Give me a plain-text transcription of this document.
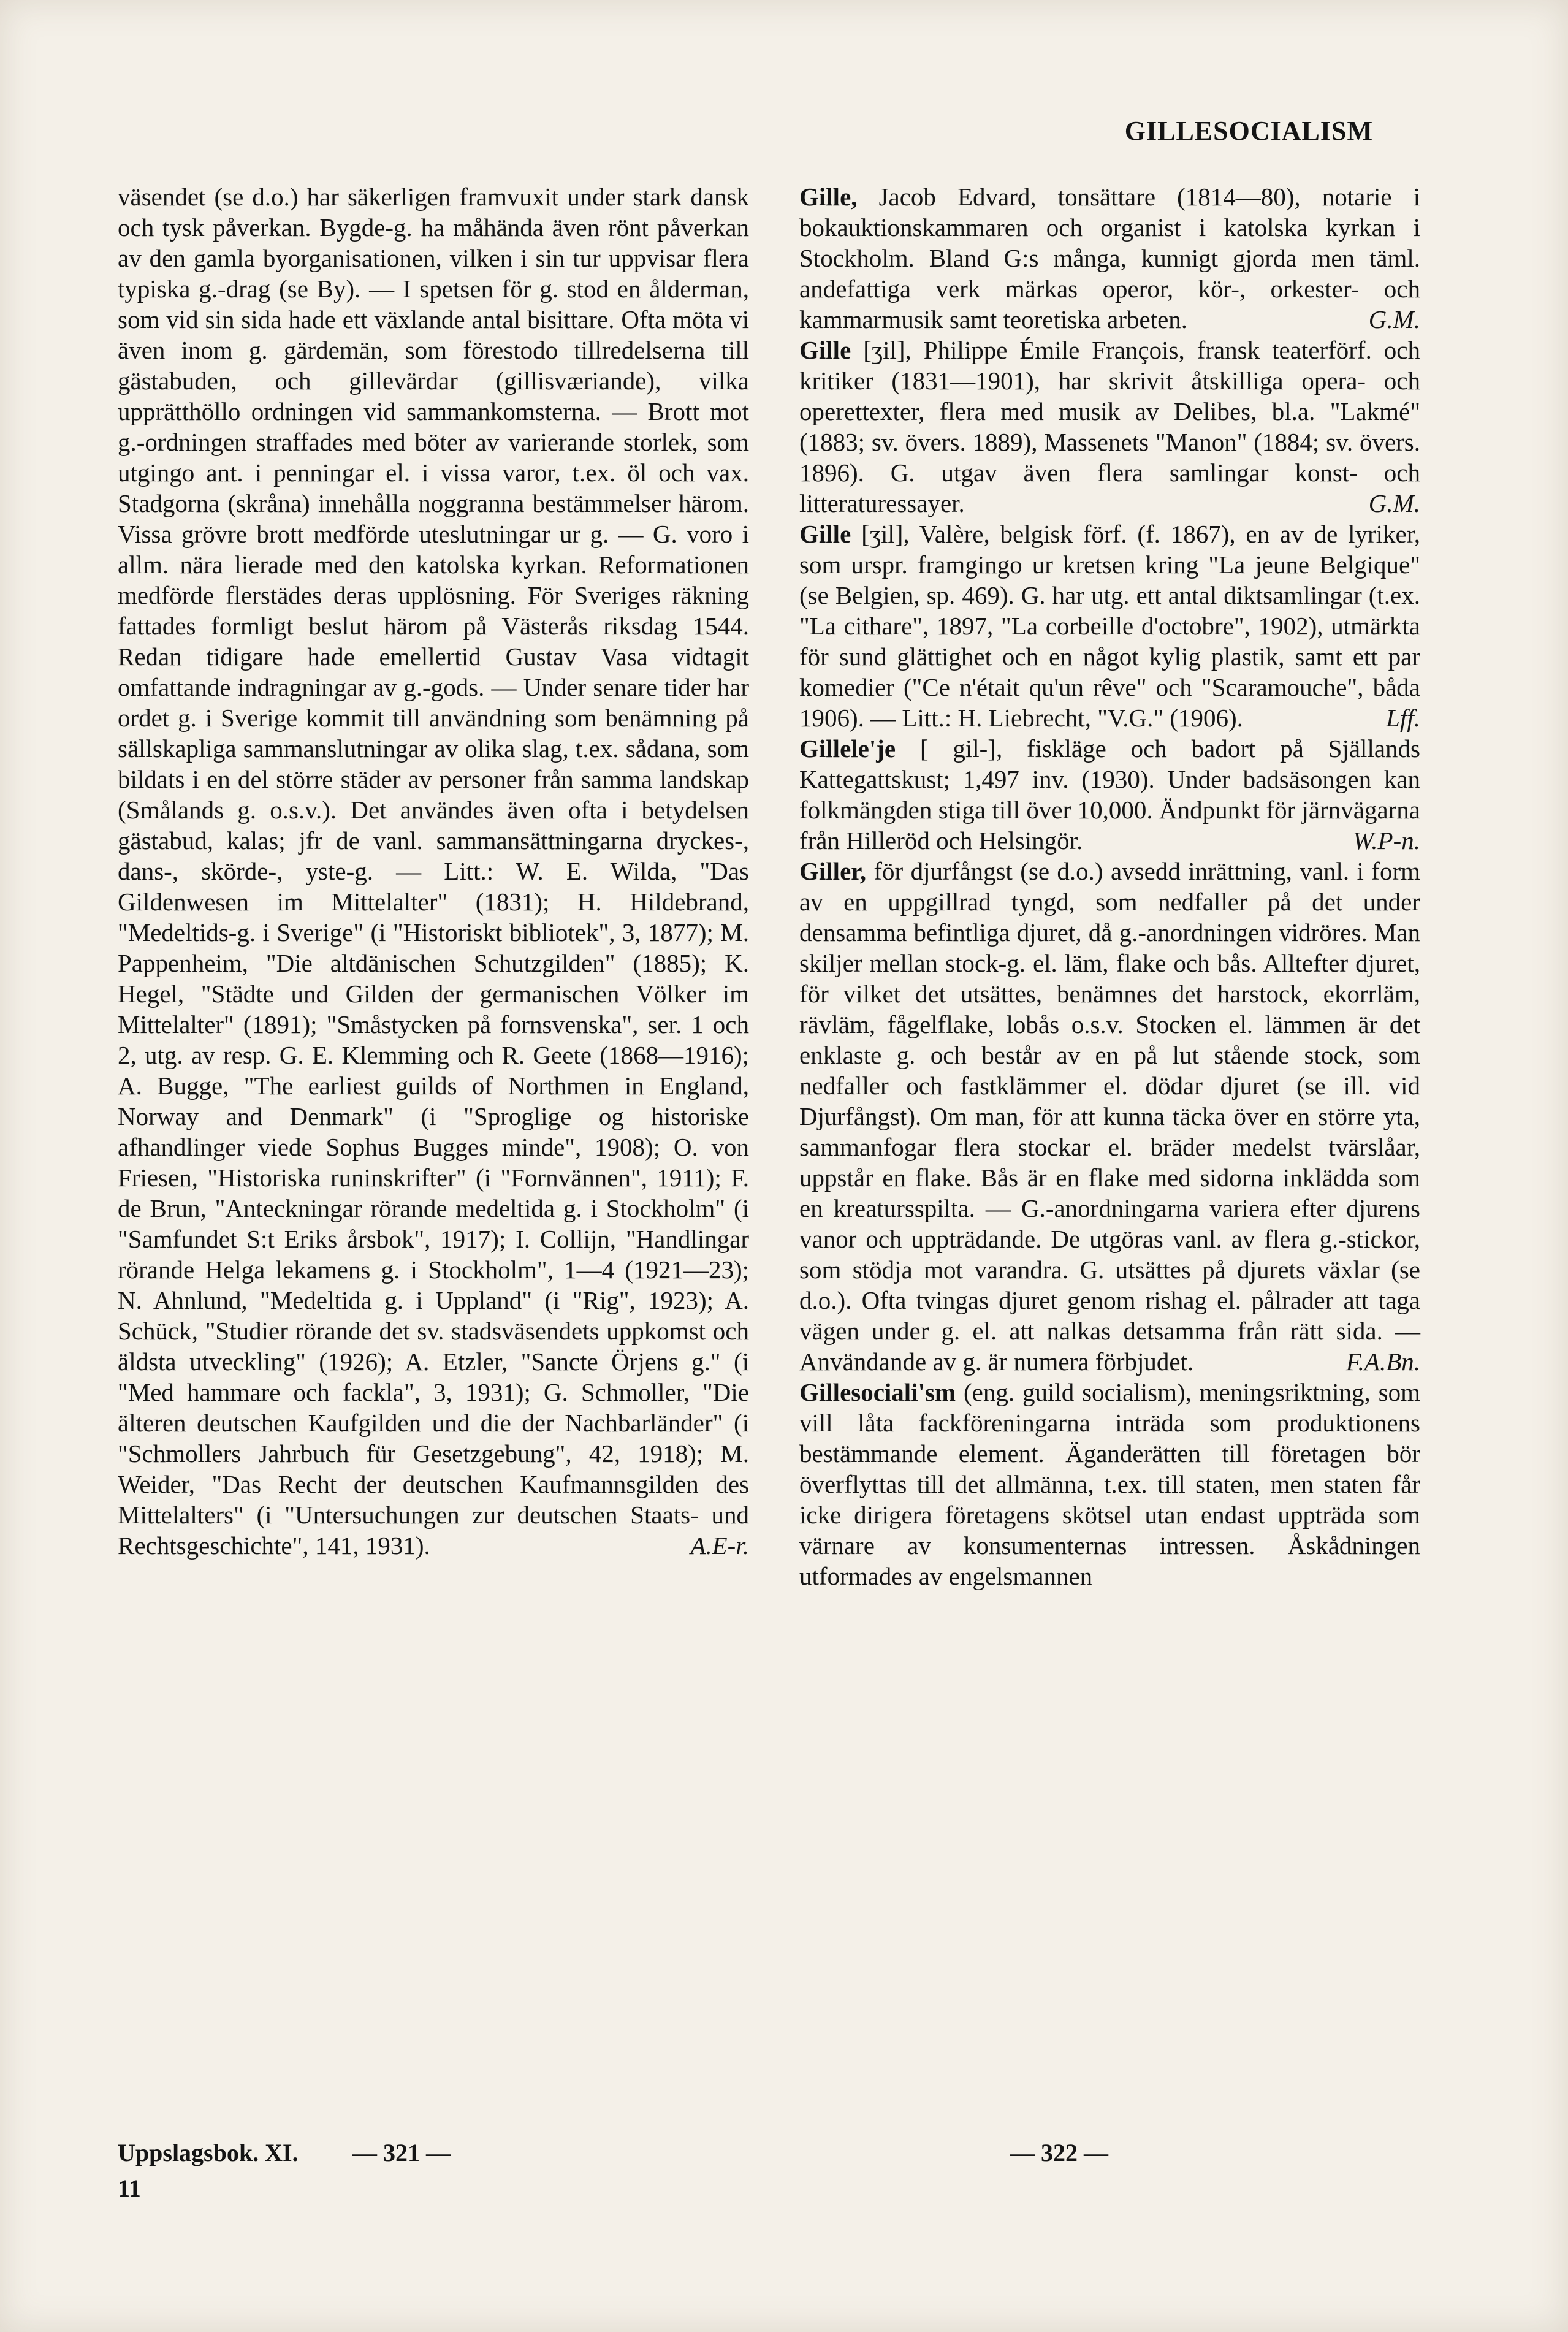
GILLESOCIALISM

väsendet (se d.o.) har säkerligen framvuxit under stark dansk och tysk påverkan. Bygde-g. ha måhända även rönt påverkan av den gamla byorganisationen, vilken i sin tur uppvisar flera typiska g.-drag (se By). — I spetsen för g. stod en ålderman, som vid sin sida hade ett växlande antal bisittare. Ofta möta vi även inom g. gärdemän, som förestodo tillredelserna till gästabuden, och gillevärdar (gillisværiande), vilka upprätthöllo ordningen vid sammankomsterna. — Brott mot g.-ordningen straffades med böter av varierande storlek, som utgingo ant. i penningar el. i vissa varor, t.ex. öl och vax. Stadgorna (skråna) innehålla noggranna bestämmelser härom. Vissa grövre brott medförde uteslutningar ur g. — G. voro i allm. nära lierade med den katolska kyrkan. Reformationen medförde flerstädes deras upplösning. För Sveriges räkning fattades formligt beslut härom på Västerås riksdag 1544. Redan tidigare hade emellertid Gustav Vasa vidtagit omfattande indragningar av g.-gods. — Under senare tider har ordet g. i Sverige kommit till användning som benämning på sällskapliga sammanslutningar av olika slag, t.ex. sådana, som bildats i en del större städer av personer från samma landskap (Smålands g. o.s.v.). Det användes även ofta i betydelsen gästabud, kalas; jfr de vanl. sammansättningarna dryckes-, dans-, skörde-, yste-g. — Litt.: W. E. Wilda, "Das Gildenwesen im Mittelalter" (1831); H. Hildebrand, "Medeltids-g. i Sverige" (i "Historiskt bibliotek", 3, 1877); M. Pappenheim, "Die altdänischen Schutzgilden" (1885); K. Hegel, "Städte und Gilden der germanischen Völker im Mittelalter" (1891); "Småstycken på fornsvenska", ser. 1 och 2, utg. av resp. G. E. Klemming och R. Geete (1868—1916); A. Bugge, "The earliest guilds of Northmen in England, Norway and Denmark" (i "Sproglige og historiske afhandlinger viede Sophus Bugges minde", 1908); O. von Friesen, "Historiska runinskrifter" (i "Fornvännen", 1911); F. de Brun, "Anteckningar rörande medeltida g. i Stockholm" (i "Samfundet S:t Eriks årsbok", 1917); I. Collijn, "Handlingar rörande Helga lekamens g. i Stockholm", 1—4 (1921—23); N. Ahnlund, "Medeltida g. i Uppland" (i "Rig", 1923); A. Schück, "Studier rörande det sv. stadsväsendets uppkomst och äldsta utveckling" (1926); A. Etzler, "Sancte Örjens g." (i "Med hammare och fackla", 3, 1931); G. Schmoller, "Die älteren deutschen Kaufgilden und die der Nachbarländer" (i "Schmollers Jahrbuch für Gesetzgebung", 42, 1918); M. Weider, "Das Recht der deutschen Kaufmannsgilden des Mittelalters" (i "Untersuchungen zur deutschen Staats- und Rechtsgeschichte", 141, 1931).	A.E-r.

Gille, Jacob Edvard, tonsättare (1814—80), notarie i bokauktionskammaren och organist i katolska kyrkan i Stockholm. Bland G:s många, kunnigt gjorda men täml. andefattiga verk märkas operor, kör-, orkester- och kammarmusik samt teoretiska arbeten.	G.M.

Gille [ʒil], Philippe Émile François, fransk teaterförf. och kritiker (1831—1901), har skrivit åtskilliga opera- och operettexter, flera med musik av Delibes, bl.a. "Lakmé" (1883; sv. övers. 1889), Massenets "Manon" (1884; sv. övers. 1896). G. utgav även flera samlingar konst- och litteraturessayer.	G.M.

Gille [ʒil], Valère, belgisk förf. (f. 1867), en av de lyriker, som urspr. framgingo ur kretsen kring "La jeune Belgique" (se Belgien, sp. 469). G. har utg. ett antal diktsamlingar (t.ex. "La cithare", 1897, "La corbeille d'octobre", 1902), utmärkta för sund glättighet och en något kylig plastik, samt ett par komedier ("Ce n'était qu'un rêve" och "Scaramouche", båda 1906). — Litt.: H. Liebrecht, "V.G." (1906).	Lff.

Gillele'je [ gil-], fiskläge och badort på Själlands Kattegattskust; 1,497 inv. (1930). Under badsäsongen kan folkmängden stiga till över 10,000. Ändpunkt för järnvägarna från Hilleröd och Helsingör.	W.P-n.

Giller, för djurfångst (se d.o.) avsedd inrättning, vanl. i form av en uppgillrad tyngd, som nedfaller på det under densamma befintliga djuret, då g.-anordningen vidröres. Man skiljer mellan stock-g. el. läm, flake och bås. Alltefter djuret, för vilket det utsättes, benämnes det harstock, ekorrläm, rävläm, fågelflake, lobås o.s.v. Stocken el. lämmen är det enklaste g. och består av en på lut stående stock, som nedfaller och fastklämmer el. dödar djuret (se ill. vid Djurfångst). Om man, för att kunna täcka över en större yta, sammanfogar flera stockar el. bräder medelst tvärslåar, uppstår en flake. Bås är en flake med sidorna inklädda som en kreatursspilta. — G.-anordningarna variera efter djurens vanor och uppträdande. De utgöras vanl. av flera g.-stickor, som stödja mot varandra. G. utsättes på djurets växlar (se d.o.). Ofta tvingas djuret genom rishag el. pålrader att taga vägen under g. el. att nalkas detsamma från rätt sida. — Användande av g. är numera förbjudet.	F.A.Bn.

Gillesociali'sm (eng. guild socialism), meningsriktning, som vill låta fackföreningarna inträda som produktionens bestämmande element. Äganderätten till företagen bör överflyttas till det allmänna, t.ex. till staten, men staten får icke dirigera företagens skötsel utan endast uppträda som värnare av konsumenternas intressen. Åskådningen utformades av engelsmannen

Uppslagsbok. XI. — 321 —
11
— 322 —
